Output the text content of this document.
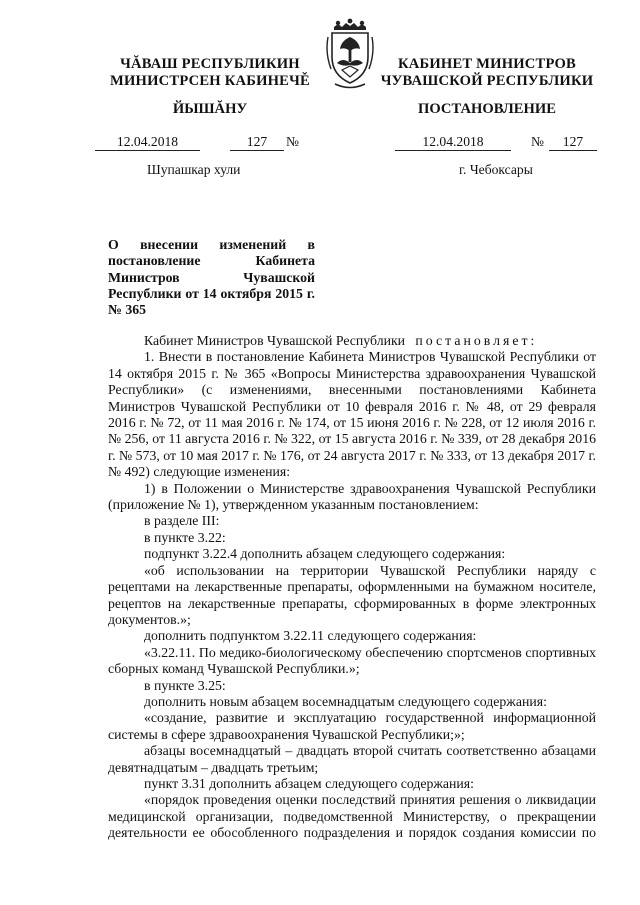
ЧĂВАШ РЕСПУБЛИКИН
МИНИСТРСЕН КАБИНЕЧĚ
ЙЫШĂНУ
КАБИНЕТ МИНИСТРОВ
ЧУВАШСКОЙ РЕСПУБЛИКИ
ПОСТАНОВЛЕНИЕ
12.04.2018	127	№	12.04.2018	№	127
Шупашкар хули	г. Чебоксары
О внесении изменений в постановление Кабинета Министров Чувашской Республики от 14 октября 2015 г. № 365

Кабинет Министров Чувашской Республики постановляет:

1. Внести в постановление Кабинета Министров Чувашской Республики от 14 октября 2015 г. № 365 «Вопросы Министерства здравоохранения Чувашской Республики» (с изменениями, внесенными постановлениями Кабинета Министров Чувашской Республики от 10 февраля 2016 г. № 48, от 29 февраля 2016 г. № 72, от 11 мая 2016 г. № 174, от 15 июня 2016 г. № 228, от 12 июля 2016 г. № 256, от 11 августа 2016 г. № 322, от 15 августа 2016 г. № 339, от 28 декабря 2016 г. № 573, от 10 мая 2017 г. № 176, от 24 августа 2017 г. № 333, от 13 декабря 2017 г. № 492) следующие изменения:

1) в Положении о Министерстве здравоохранения Чувашской Республики (приложение № 1), утвержденном указанным постановлением:

в разделе III:

в пункте 3.22:

подпункт 3.22.4 дополнить абзацем следующего содержания:

«об использовании на территории Чувашской Республики наряду с рецептами на лекарственные препараты, оформленными на бумажном носителе, рецептов на лекарственные препараты, сформированных в форме электронных документов.»;

дополнить подпунктом 3.22.11 следующего содержания:

«3.22.11. По медико-биологическому обеспечению спортсменов спортивных сборных команд Чувашской Республики.»;

в пункте 3.25:

дополнить новым абзацем восемнадцатым следующего содержания:

«создание, развитие и эксплуатацию государственной информационной системы в сфере здравоохранения Чувашской Республики;»;

абзацы восемнадцатый – двадцать второй считать соответственно абзацами девятнадцатым – двадцать третьим;

пункт 3.31 дополнить абзацем следующего содержания:

«порядок проведения оценки последствий принятия решения о ликвидации медицинской организации, подведомственной Министерству, о прекращении деятельности ее обособленного подразделения и порядок создания комиссии по
